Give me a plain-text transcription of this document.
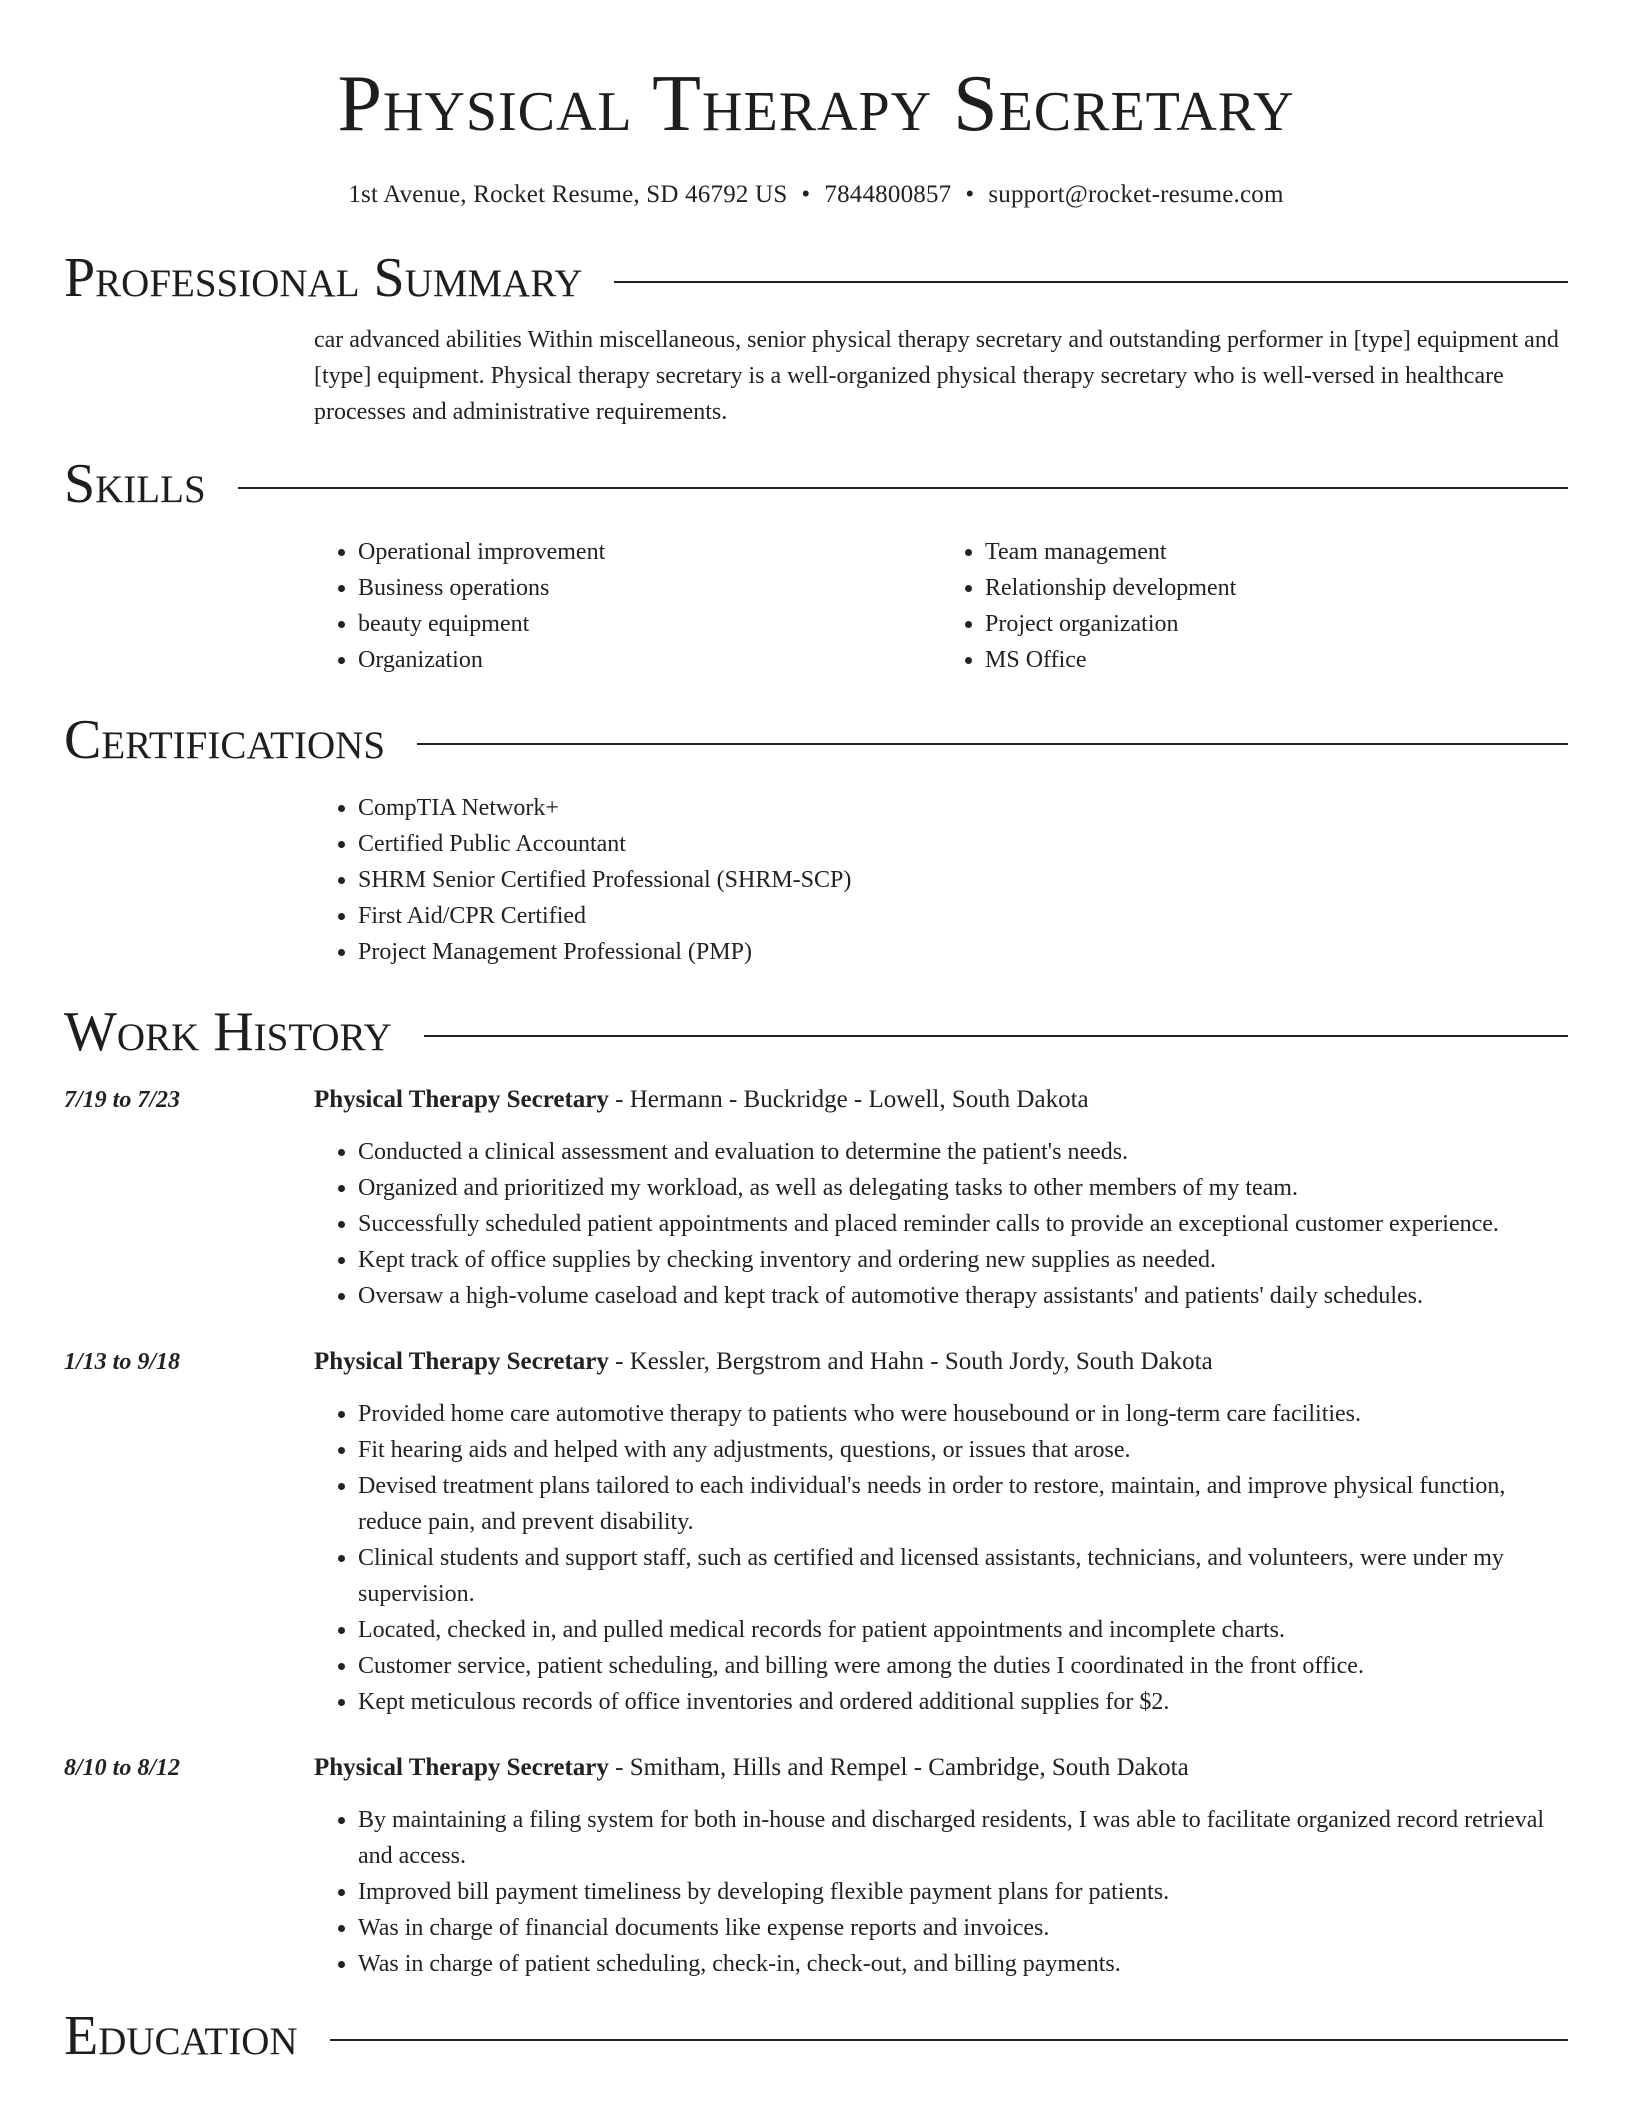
Physical Therapy Secretary
1st Avenue, Rocket Resume, SD 46792 US • 7844800857 • support@rocket-resume.com
Professional Summary

car advanced abilities Within miscellaneous, senior physical therapy secretary and outstanding performer in [type] equipment and [type] equipment. Physical therapy secretary is a well-organized physical therapy secretary who is well-versed in healthcare processes and administrative requirements.

Skills
• Operational improvement
• Business operations
• beauty equipment
• Organization
• Team management
• Relationship development
• Project organization
• MS Office
Certifications
• CompTIA Network+
• Certified Public Accountant
• SHRM Senior Certified Professional (SHRM-SCP)
• First Aid/CPR Certified
• Project Management Professional (PMP)
Work History
7/19 to 7/23	Physical Therapy Secretary - Hermann - Buckridge - Lowell, South Dakota
• Conducted a clinical assessment and evaluation to determine the patient's needs.
• Organized and prioritized my workload, as well as delegating tasks to other members of my team.
• Successfully scheduled patient appointments and placed reminder calls to provide an exceptional customer experience.
• Kept track of office supplies by checking inventory and ordering new supplies as needed.
• Oversaw a high-volume caseload and kept track of automotive therapy assistants' and patients' daily schedules.
1/13 to 9/18	Physical Therapy Secretary - Kessler, Bergstrom and Hahn - South Jordy, South Dakota
• Provided home care automotive therapy to patients who were housebound or in long-term care facilities.
• Fit hearing aids and helped with any adjustments, questions, or issues that arose.
• Devised treatment plans tailored to each individual's needs in order to restore, maintain, and improve physical function, reduce pain, and prevent disability.
• Clinical students and support staff, such as certified and licensed assistants, technicians, and volunteers, were under my supervision.
• Located, checked in, and pulled medical records for patient appointments and incomplete charts.
• Customer service, patient scheduling, and billing were among the duties I coordinated in the front office.
• Kept meticulous records of office inventories and ordered additional supplies for $2.
8/10 to 8/12	Physical Therapy Secretary - Smitham, Hills and Rempel - Cambridge, South Dakota
• By maintaining a filing system for both in-house and discharged residents, I was able to facilitate organized record retrieval and access.
• Improved bill payment timeliness by developing flexible payment plans for patients.
• Was in charge of financial documents like expense reports and invoices.
• Was in charge of patient scheduling, check-in, check-out, and billing payments.
Education
